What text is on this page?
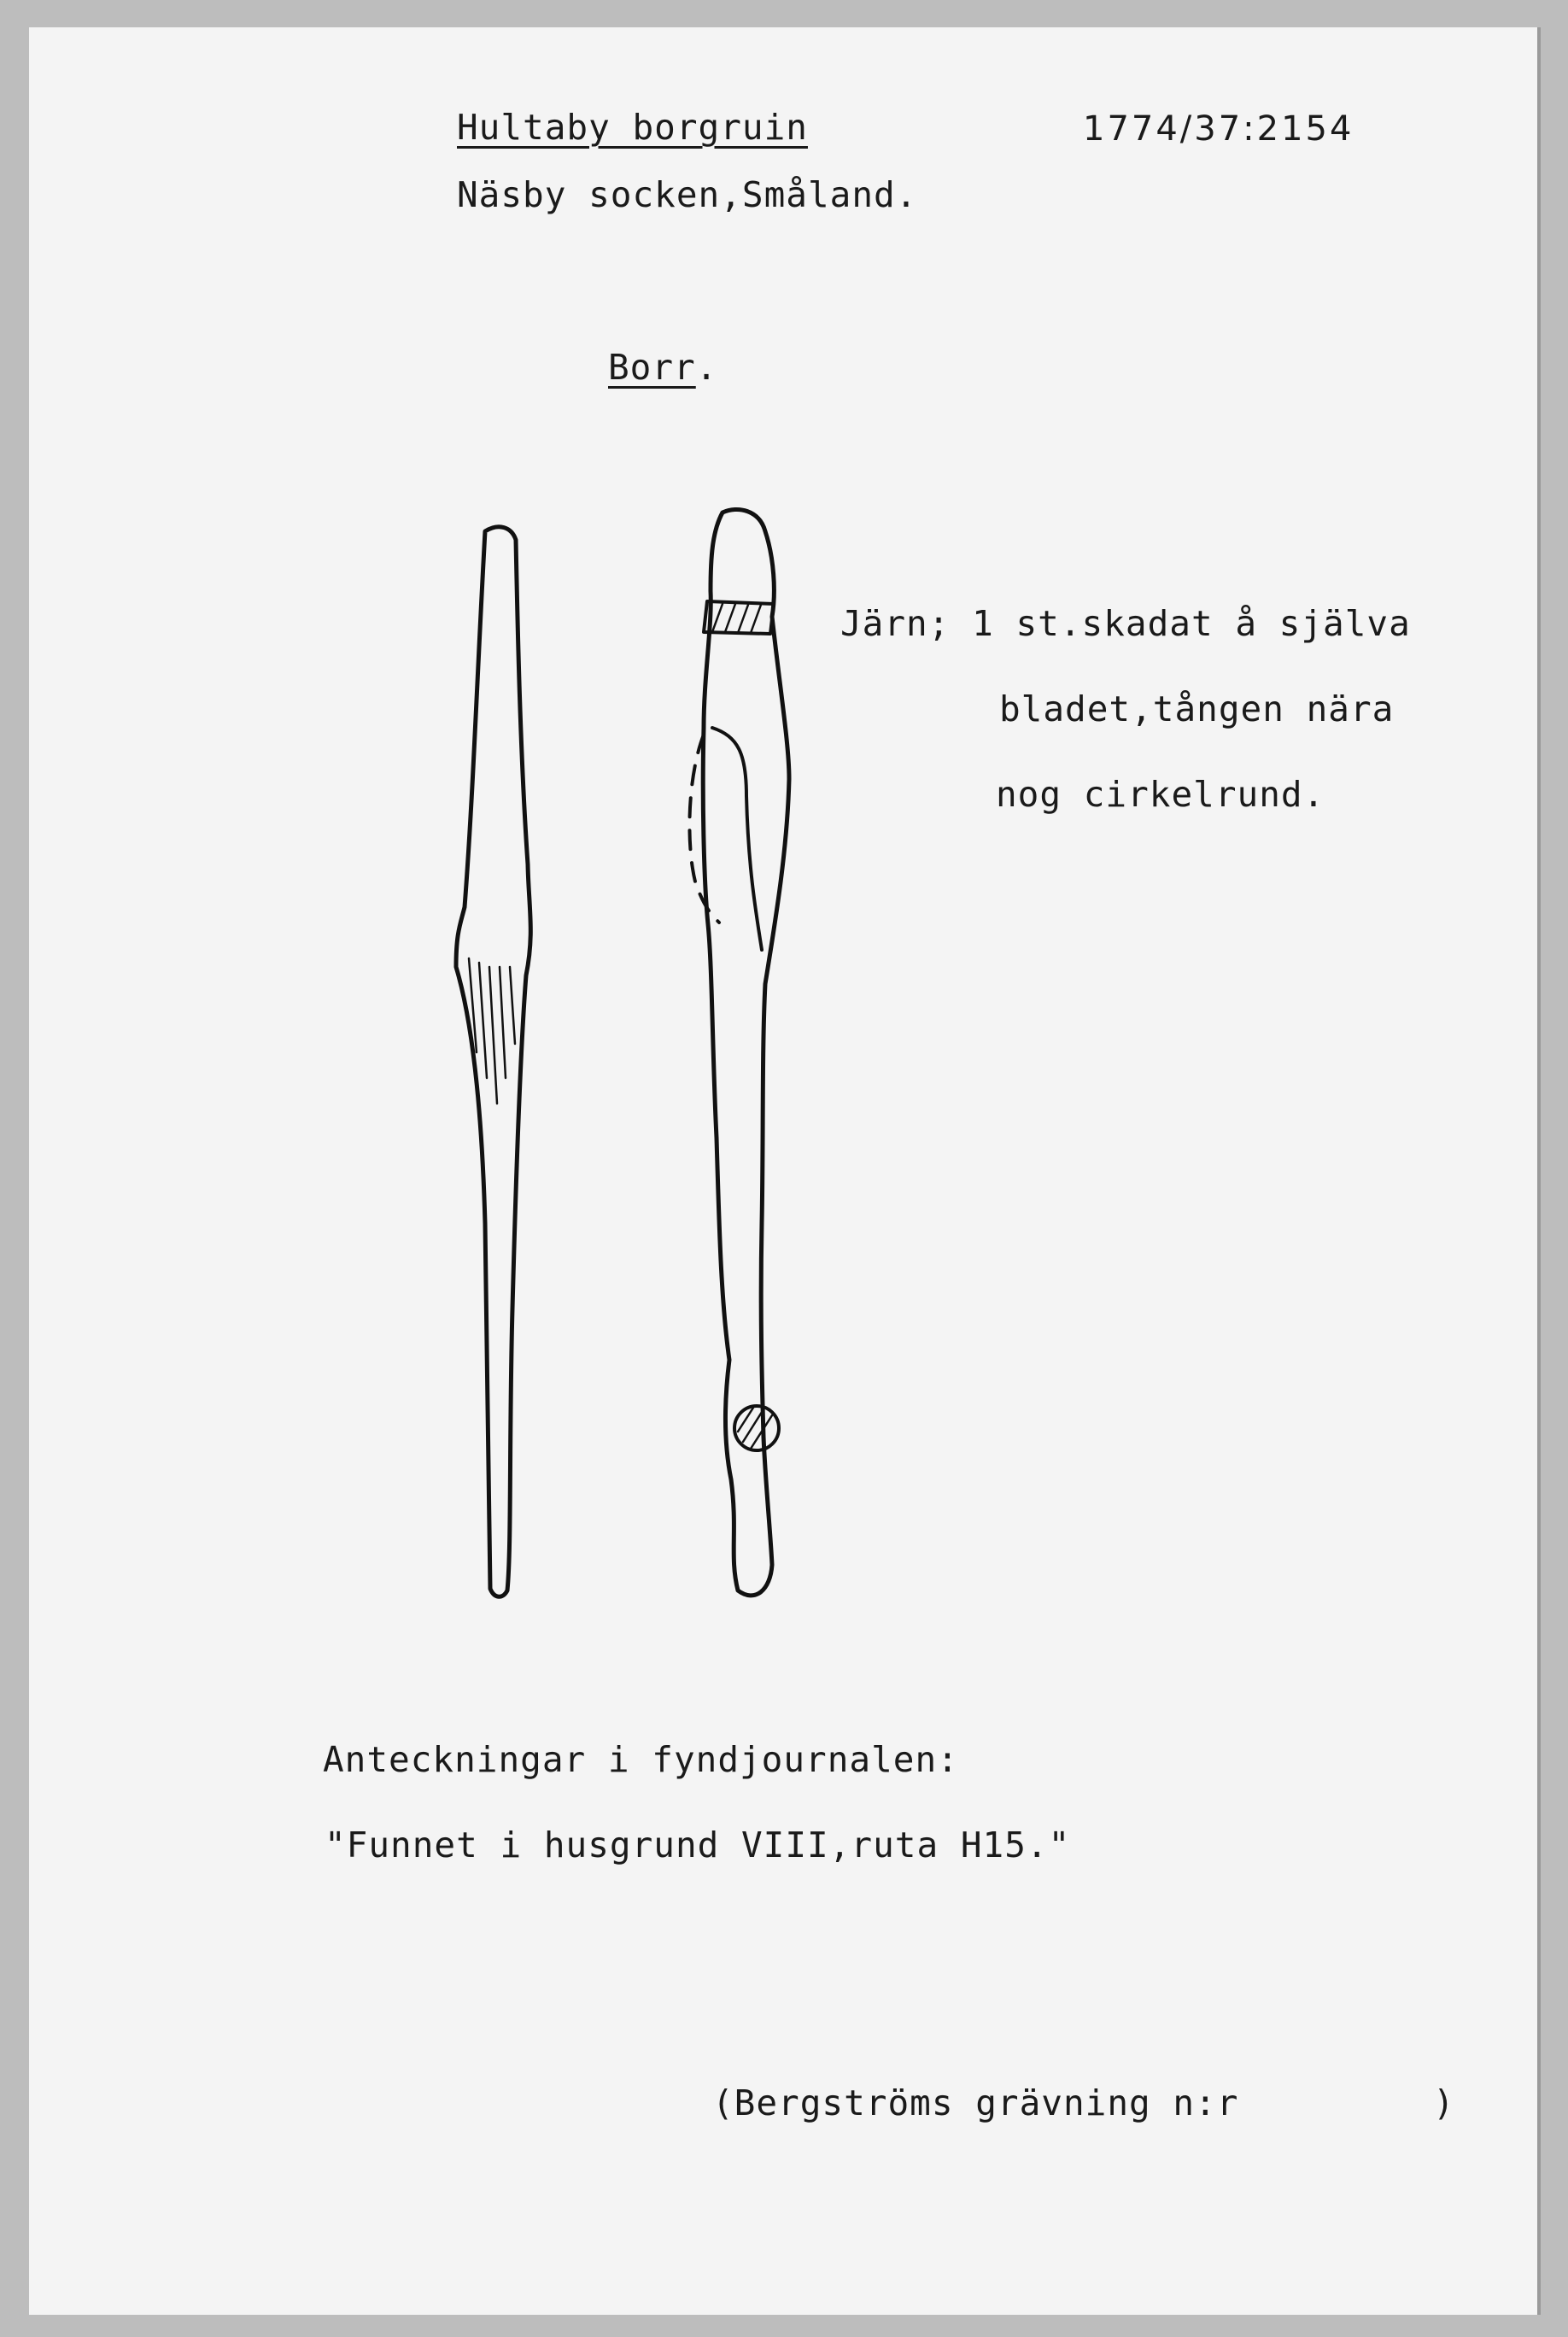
Hultaby borgruin	1774/37:2154
Näsby socken,Småland.
Borr.
Järn; 1 st.skadat å själva
bladet,tången nära
nog cirkelrund.
Anteckningar i fyndjournalen:
"Funnet i husgrund VIII,ruta H15."
(Bergströms grävning n:r	)
